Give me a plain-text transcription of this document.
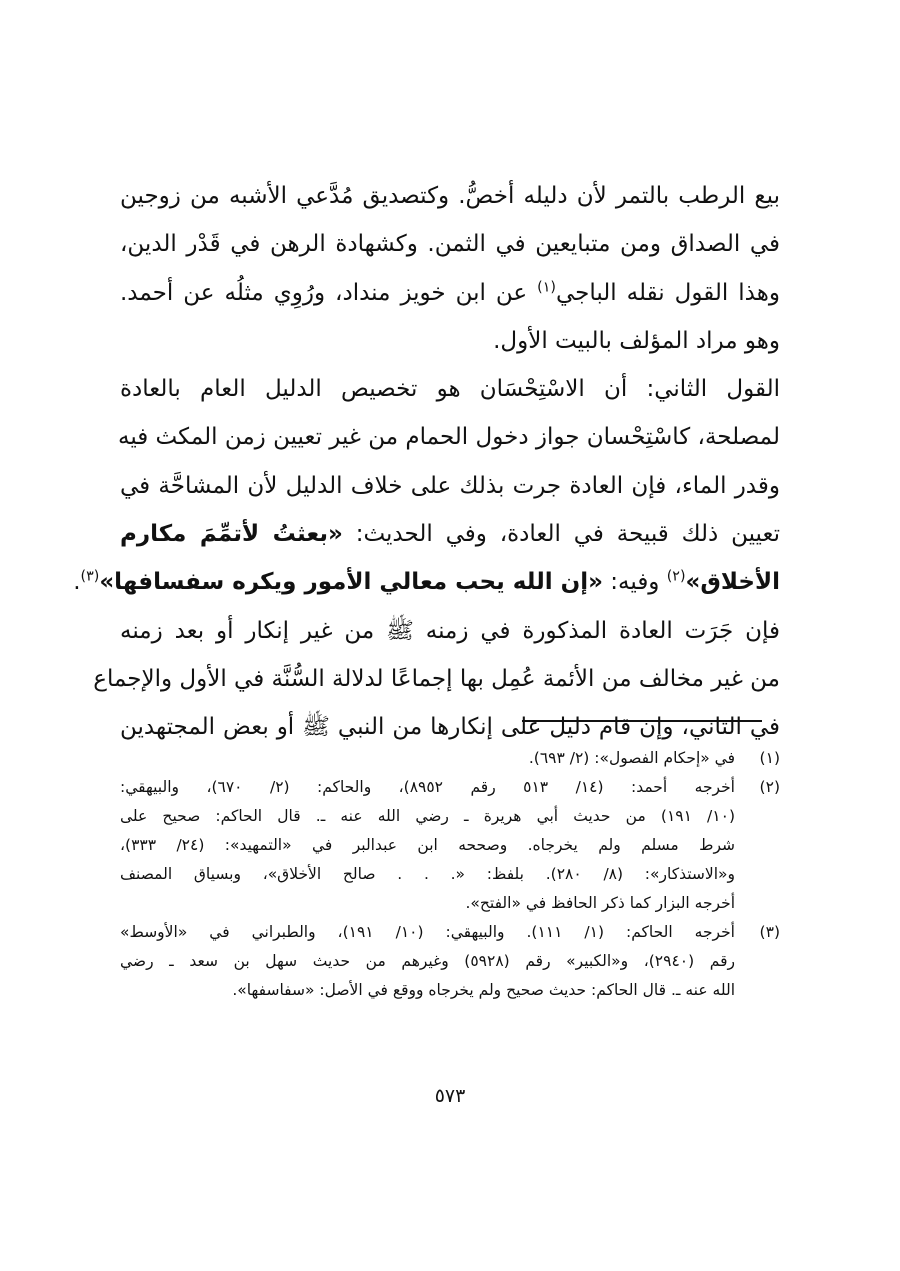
بيع الرطب بالتمر لأن دليله أخصُّ. وكتصديق مُدَّعي الأشبه من زوجين
في الصداق ومن متبايعين في الثمن. وكشهادة الرهن في قَدْر الدين،
وهذا القول نقله الباجي$^{(١)}$ عن ابن خويز منداد، ورُوِي مثلُه عن أحمد.
وهو مراد المؤلف بالبيت الأول.
القول الثاني: أن الاسْتِحْسَان هو تخصيص الدليل العام بالعادة
لمصلحة، كاسْتِحْسان جواز دخول الحمام من غير تعيين زمن المكث فيه
وقدر الماء، فإن العادة جرت بذلك على خلاف الدليل لأن المشاحَّة في
تعيين ذلك قبيحة في العادة، وفي الحديث: «بعثتُ لأتمِّمَ مكارم
الأخلاق»$^{(٢)}$ وفيه: «إن الله يحب معالي الأمور ويكره سفسافها»$^{(٣)}$.
فإن جَرَت العادة المذكورة في زمنه ﷺ من غير إنكار أو بعد زمنه
من غير مخالف من الأئمة عُمِل بها إجماعًا لدلالة السُّنَّة في الأول والإجماع
في الثاني، وإن قام دليل على إنكارها من النبي ﷺ أو بعض المجتهدين
(١)
في «إحكام الفصول»: (٢/ ٦٩٣).
(٢)
أخرجه أحمد: (١٤/ ٥١٣ رقم ٨٩٥٢)، والحاكم: (٢/ ٦٧٠)، والبيهقي:
(١٠/ ١٩١) من حديث أبي هريرة ـ رضي الله عنه ـ. قال الحاكم: صحيح على
شرط مسلم ولم يخرجاه. وصححه ابن عبدالبر في «التمهيد»: (٢٤/ ٣٣٣)،
و«الاستذكار»: (٨/ ٢٨٠). بلفظ: «. . . صالح الأخلاق»، وبسياق المصنف
أخرجه البزار كما ذكر الحافظ في «الفتح».
(٣)
أخرجه الحاكم: (١/ ١١١). والبيهقي: (١٠/ ١٩١)، والطبراني في «الأوسط»
رقم (٢٩٤٠)، و«الكبير» رقم (٥٩٢٨) وغيرهم من حديث سهل بن سعد ـ رضي
الله عنه ـ. قال الحاكم: حديث صحيح ولم يخرجاه ووقع في الأصل: «سفاسفها».
٥٧٣
